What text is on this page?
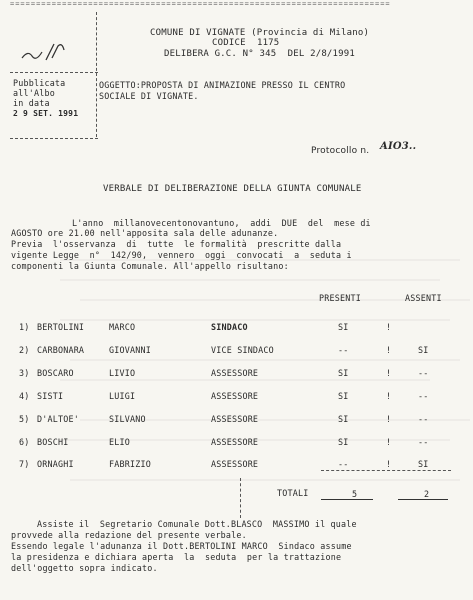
=========================================================================
COMUNE DI VIGNATE (Provincia di Milano)
CODICE  1175
DELIBERA G.C. N° 345  DEL 2/8/1991
Pubblicata
all'Albo
in data
2 9 SET. 1991
OGGETTO:PROPOSTA DI ANIMAZIONE PRESSO IL CENTRO
SOCIALE DI VIGNATE.
Protocollo n. AIO3..
VERBALE DI DELIBERAZIONE DELLA GIUNTA COMUNALE
L'anno  millanovecentonovantuno,  addi  DUE  del  mese di
AGOSTO ore 21.00 nell'apposita sala delle adunanze.
Previa  l'osservanza  di  tutte  le formalità  prescritte dalla
vigente Legge  n°  142/90,  vennero  oggi  convocati  a  seduta i
componenti la Giunta Comunale. All'appello risultano:
PRESENTI	ASSENTI
1) BERTOLINI	MARCO	SINDACO	SI	!
2) CARBONARA	GIOVANNI	VICE SINDACO	--	!	SI
3) BOSCARO	LIVIO	ASSESSORE	SI	!	--
4) SISTI	LUIGI	ASSESSORE	SI	!	--
5) D'ALTOE'	SILVANO	ASSESSORE	SI	!	--
6) BOSCHI	ELIO	ASSESSORE	SI	!	--
7) ORNAGHI	FABRIZIO	ASSESSORE	--	!	SI
TOTALI	5	2
Assiste il  Segretario Comunale Dott.BLASCO  MASSIMO il quale
provvede alla redazione del presente verbale.
Essendo legale l'adunanza il Dott.BERTOLINI MARCO  Sindaco assume
la presidenza e dichiara aperta  la  seduta  per la trattazione
dell'oggetto sopra indicato.
